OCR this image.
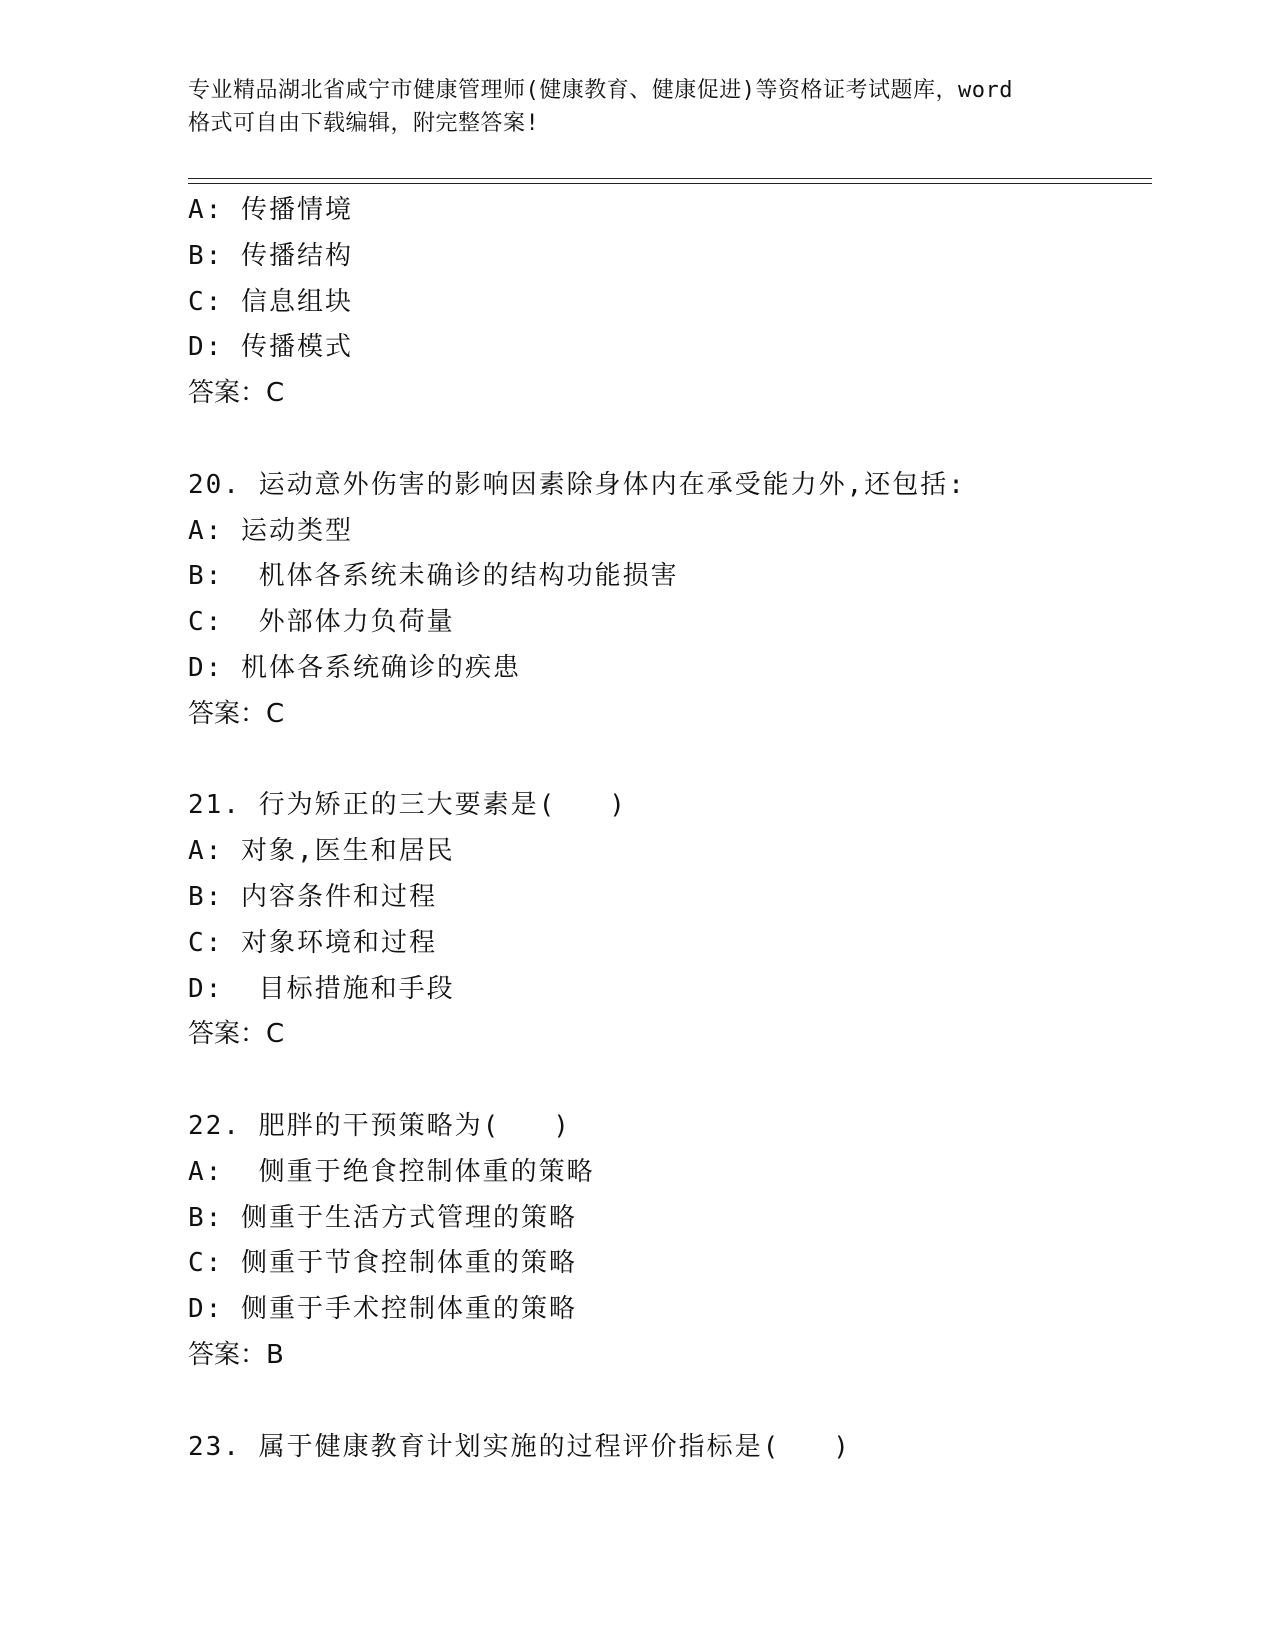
专业精品湖北省咸宁市健康管理师(健康教育、健康促进)等资格证考试题库，word
格式可自由下载编辑，附完整答案!
A: 传播情境
B: 传播结构
C: 信息组块
D: 传播模式
答案：C
20. 运动意外伤害的影响因素除身体内在承受能力外,还包括:
A: 运动类型
B:  机体各系统未确诊的结构功能损害
C:  外部体力负荷量
D: 机体各系统确诊的疾患
答案：C
21. 行为矫正的三大要素是(   )
A: 对象,医生和居民
B: 内容条件和过程
C: 对象环境和过程
D:  目标措施和手段
答案：C
22. 肥胖的干预策略为(   )
A:  侧重于绝食控制体重的策略
B: 侧重于生活方式管理的策略
C: 侧重于节食控制体重的策略
D: 侧重于手术控制体重的策略
答案：B
23. 属于健康教育计划实施的过程评价指标是(   )
